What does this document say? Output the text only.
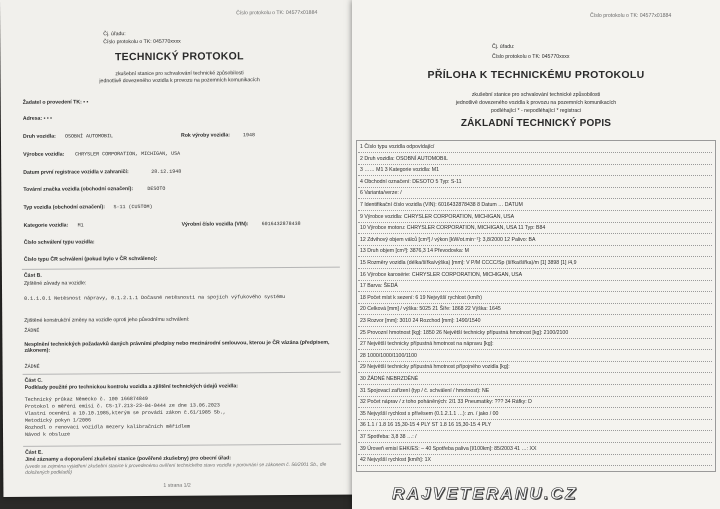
Číslo protokolu o TK: 04577x01884
Čj. úřadu:
Číslo protokolu o TK: 045770xxxx
TECHNICKÝ PROTOKOL
zkušební stanice pro schvalování technické způsobilosti
jednotlivě dovezeného vozidla k provozu na pozemních komunikacích
Žadatel o provedení TK: ▪ ▪
Adresa: ▪ ▪ ▪
Druh vozidla: OSOBNÍ AUTOMOBIL	Rok výroby vozidla:	1948
Výrobce vozidla: CHRYSLER CORPORATION, MICHIGAN, USA
Datum první registrace vozidla v zahraničí:	28.12.1948
Tovární značka vozidla (obchodní označení):	DESOTO
Typ vozidla (obchodní označení): S-11 (CUSTOM)
Kategorie vozidla: M1	Výrobní číslo vozidla (VIN):	6016432878438
Číslo schválení typu vozidla:
Číslo typu ČR schválení (pokud bylo v ČR schváleno):
Část B.
Zjištěné závady na vozidle:
0.1.1.0.1 Netěsnost nápravy, 0.1.2.1.1 Dočasné netěsnosti na spojích výfukového systému
Zjištěné konstrukční změny na vozidle oproti jeho původnímu schválení:
ŽÁDNÉ
Nesplnění technických požadavků daných právními předpisy nebo mezinárodní smlouvou, kterou je ČR vázána (předpisem, zákonem):
ŽÁDNÉ
Část C.
Podklady použité pro technickou kontrolu vozidla a zjištění technických údajů vozidla:
Technický průkaz Německo č. 100 166874849
Protokol o měření emisí č. CS-17.213-23-04-0444 ze dne 13.06.2023
Vlastní ocenění a 10.10.1985,kterým se provádí zákon č.61/1985 Sb.,
Metodický pokyn 1/2006
Rozhodl o renovaci vozidla mezery kalibračních měřidlem
Návod k obsluze
Část E.
Jiné záznamy a doporučení zkušební stanice (pověřené zkušebny) pro obecní úřad:
(uvede se zejména vyjádření zkušební stanice k provedenému ověření technického stavu vozidla v porovnání se zákonem č. 56/2001 Sb., dle doložených podkladů)
1 strana 1/2
Číslo protokolu o TK: 04577x01884
Čj. úřadu:
Číslo protokolu o TK: 045770xxxx
PŘÍLOHA K TECHNICKÉMU PROTOKOLU
zkušební stanice pro schvalování technické způsobilosti
jednotlivě dovezeného vozidla k provozu na pozemních komunikacích
podléhající * - nepodléhající * registraci
ZÁKLADNÍ TECHNICKÝ POPIS
1 Číslo typu vozidla odpovídající
2 Druh vozidla: OSOBNÍ AUTOMOBIL
3 …… M1 3 Kategorie vozidla: M1
4 Obchodní označení: DESOTO 5 Typ: S-11
6 Varianta/verze: /
7 Identifikační číslo vozidla (VIN): 6016432878438 8 Datum … DATUM
9 Výrobce vozidla: CHRYSLER CORPORATION, MICHIGAN, USA
10 Výrobce motoru: CHRYSLER CORPORATION, MICHIGAN, USA 11 Typ: B84
12 Zdvihový objem válců [cm³] / výkon [kW/ot.min⁻¹]: 3,8/2000 12 Palivo: BA
13 Druh objem [cm³]: 3876,3 14 Převodovka: M
15 Rozměry vozidla (délka/šířka/výška) [mm]: V P/M CCCC/Sp (šířka/šířka)/m [1] 3898 [1] /4,9
16 Výrobce karosérie: CHRYSLER CORPORATION, MICHIGAN, USA
17 Barva: ŠEDÁ
18 Počet míst k sezení: 6 19 Nejvyšší rychlost (km/h)
20 Celková [mm] / výška: 5025 21 Šíře: 1868 22 Výška: 1645
23 Rozvor [mm]: 3010 24 Rozchod [mm]: 1490/1540
25 Provozní hmotnost [kg]: 1850 26 Největší technicky přípustná hmotnost [kg]: 2100/2100
27 Největší technicky přípustná hmotnost na nápravu [kg]:
28 1000/1000/1100/1100
29 Největší technicky přípustná hmotnost přípojného vozidla [kg]:
30 ŽÁDNÉ NEBRZDĚNÉ
31 Spojovací zařízení (typ / č. schválení / hmotnost): NE
32 Počet náprav / z toho poháněných: 2/1 33 Pneumatiky: ??? 34 Ráfky: D
35 Nejvyšší rychlost s přívěsem (0.1.2.1.1 …): zn. / jako / 00
36 1.1 / 1.8 16 15,30-15 4 PLY ST 1.8 16 15,30-15 4 PLY
37 Spotřeba: 3,8 38 …: /
39 Úroveň emisí EHK/ES: – 40 Spotřeba paliva [l/100km]: 85/2003 41 …: XX
42 Nejvyšší rychlost [km/h]: 1X
RAJVETERANU.CZ
